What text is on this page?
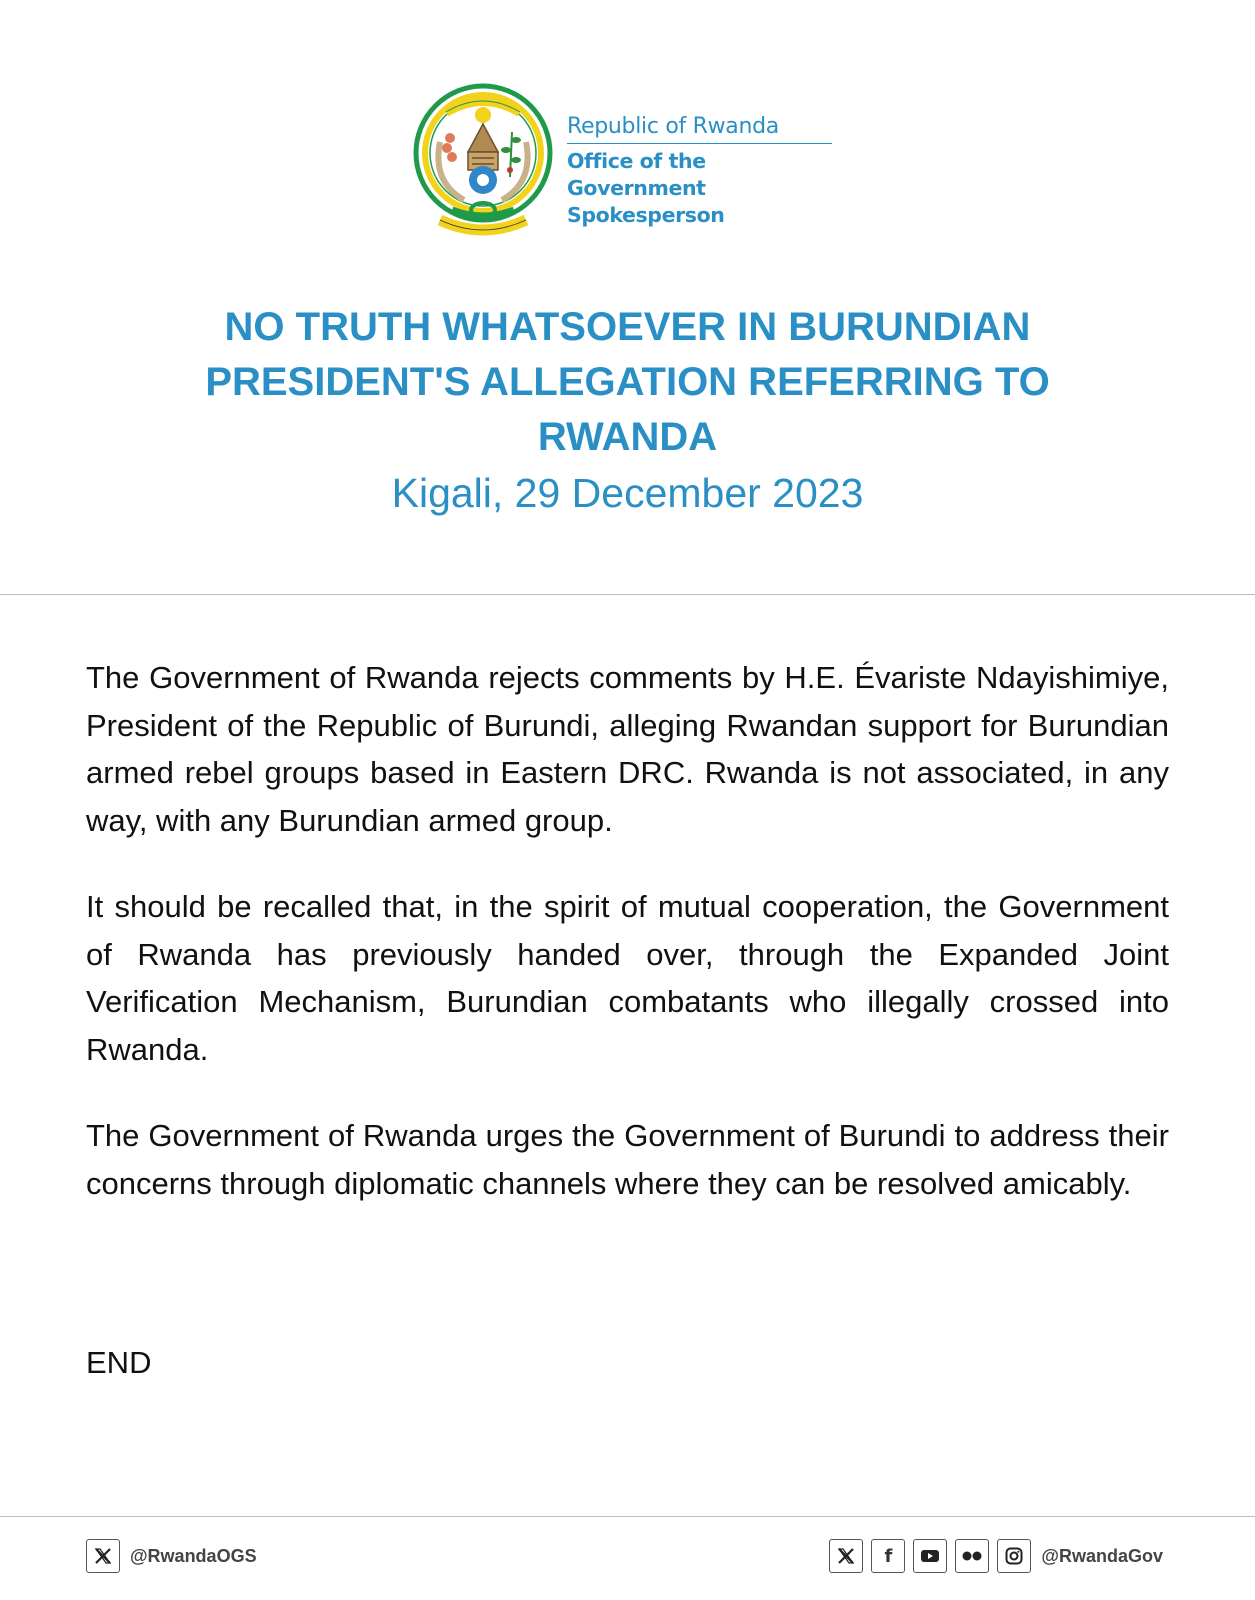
Republic of Rwanda
Office of the Government
Spokesperson
NO TRUTH WHATSOEVER IN BURUNDIAN PRESIDENT'S ALLEGATION REFERRING TO RWANDA
Kigali, 29 December 2023

The Government of Rwanda rejects comments by H.E. Évariste Ndayishimiye, President of the Republic of Burundi, alleging Rwandan support for Burundian armed rebel groups based in Eastern DRC. Rwanda is not associated, in any way, with any Burundian armed group.

It should be recalled that, in the spirit of mutual cooperation, the Government of Rwanda has previously handed over, through the Expanded Joint Verification Mechanism, Burundian combatants who illegally crossed into Rwanda.

The Government of Rwanda urges the Government of Burundi to address their concerns through diplomatic channels where they can be resolved amicably.

END
@RwandaOGS	f	@RwandaGov
